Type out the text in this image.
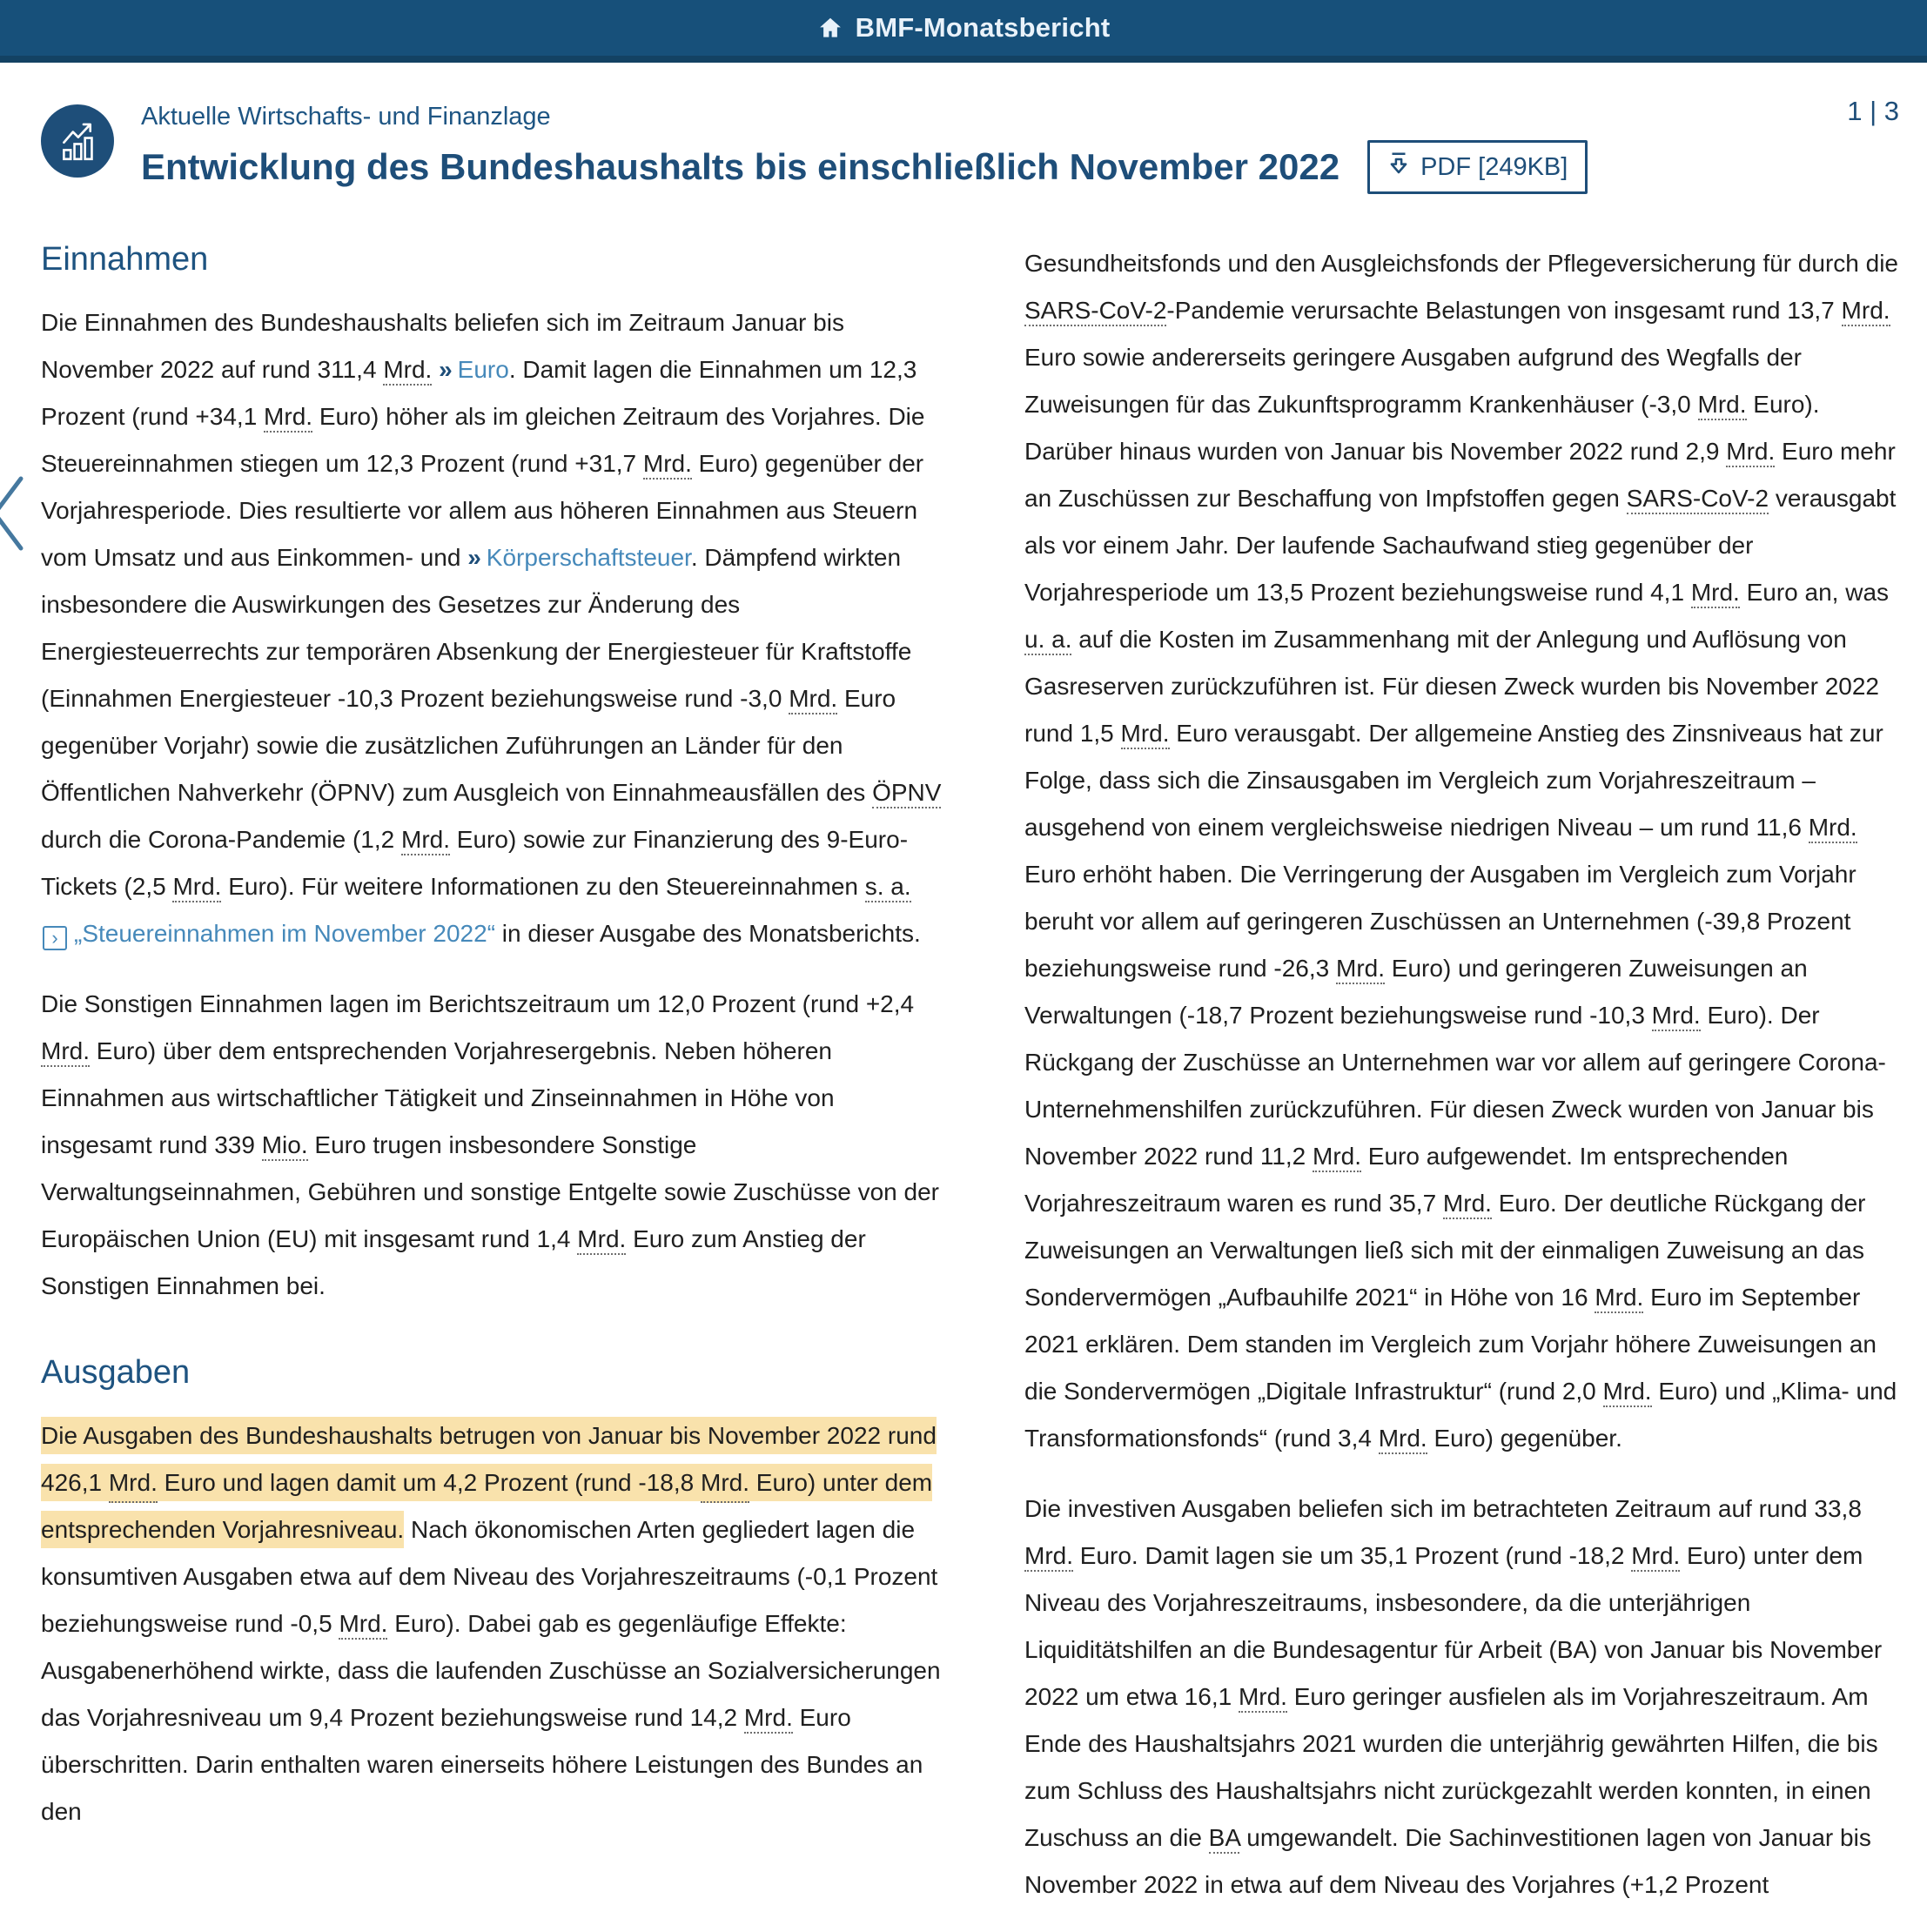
BMF-Monatsbericht
Aktuelle Wirtschafts- und Finanzlage
Entwicklung des Bundeshaushalts bis einschließlich November 2022	PDF [249KB]
1 | 3
Einnahmen

Die Einnahmen des Bundeshaushalts beliefen sich im Zeitraum Januar bis November 2022 auf rund 311,4 Mrd. » Euro. Damit lagen die Einnahmen um 12,3 Prozent (rund +34,1 Mrd. Euro) höher als im gleichen Zeitraum des Vorjahres. Die Steuereinnahmen stiegen um 12,3 Prozent (rund +31,7 Mrd. Euro) gegenüber der Vorjahresperiode. Dies resultierte vor allem aus höheren Einnahmen aus Steuern vom Umsatz und aus Einkommen- und » Körperschaftsteuer. Dämpfend wirkten insbesondere die Auswirkungen des Gesetzes zur Änderung des Energiesteuerrechts zur temporären Absenkung der Energiesteuer für Kraftstoffe (Einnahmen Energiesteuer -10,3 Prozent beziehungsweise rund -3,0 Mrd. Euro gegenüber Vorjahr) sowie die zusätzlichen Zuführungen an Länder für den Öffentlichen Nahverkehr (ÖPNV) zum Ausgleich von Einnahmeausfällen des ÖPNV durch die Corona-Pandemie (1,2 Mrd. Euro) sowie zur Finanzierung des 9-Euro-Tickets (2,5 Mrd. Euro). Für weitere Informationen zu den Steuereinnahmen s. a. › „Steuereinnahmen im November 2022“ in dieser Ausgabe des Monatsberichts.

Die Sonstigen Einnahmen lagen im Berichtszeitraum um 12,0 Prozent (rund +2,4 Mrd. Euro) über dem entsprechenden Vorjahresergebnis. Neben höheren Einnahmen aus wirtschaftlicher Tätigkeit und Zinseinnahmen in Höhe von insgesamt rund 339 Mio. Euro trugen insbesondere Sonstige Verwaltungseinnahmen, Gebühren und sonstige Entgelte sowie Zuschüsse von der Europäischen Union (EU) mit insgesamt rund 1,4 Mrd. Euro zum Anstieg der Sonstigen Einnahmen bei.

Ausgaben

Die Ausgaben des Bundeshaushalts betrugen von Januar bis November 2022 rund 426,1 Mrd. Euro und lagen damit um 4,2 Prozent (rund -18,8 Mrd. Euro) unter dem entsprechenden Vorjahresniveau. Nach ökonomischen Arten gegliedert lagen die konsumtiven Ausgaben etwa auf dem Niveau des Vorjahreszeitraums (-0,1 Prozent beziehungsweise rund -0,5 Mrd. Euro). Dabei gab es gegenläufige Effekte: Ausgabenerhöhend wirkte, dass die laufenden Zuschüsse an Sozialversicherungen das Vorjahresniveau um 9,4 Prozent beziehungsweise rund 14,2 Mrd. Euro überschritten. Darin enthalten waren einerseits höhere Leistungen des Bundes an den

Gesundheitsfonds und den Ausgleichsfonds der Pflegeversicherung für durch die SARS-CoV-2-Pandemie verursachte Belastungen von insgesamt rund 13,7 Mrd. Euro sowie andererseits geringere Ausgaben aufgrund des Wegfalls der Zuweisungen für das Zukunftsprogramm Krankenhäuser (-3,0 Mrd. Euro). Darüber hinaus wurden von Januar bis November 2022 rund 2,9 Mrd. Euro mehr an Zuschüssen zur Beschaffung von Impfstoffen gegen SARS-CoV-2 verausgabt als vor einem Jahr. Der laufende Sachaufwand stieg gegenüber der Vorjahresperiode um 13,5 Prozent beziehungsweise rund 4,1 Mrd. Euro an, was u. a. auf die Kosten im Zusammenhang mit der Anlegung und Auflösung von Gasreserven zurückzuführen ist. Für diesen Zweck wurden bis November 2022 rund 1,5 Mrd. Euro verausgabt. Der allgemeine Anstieg des Zinsniveaus hat zur Folge, dass sich die Zinsausgaben im Vergleich zum Vorjahreszeitraum – ausgehend von einem vergleichsweise niedrigen Niveau – um rund 11,6 Mrd. Euro erhöht haben. Die Verringerung der Ausgaben im Vergleich zum Vorjahr beruht vor allem auf geringeren Zuschüssen an Unternehmen (-39,8 Prozent beziehungsweise rund -26,3 Mrd. Euro) und geringeren Zuweisungen an Verwaltungen (-18,7 Prozent beziehungsweise rund -10,3 Mrd. Euro). Der Rückgang der Zuschüsse an Unternehmen war vor allem auf geringere Corona-Unternehmenshilfen zurückzuführen. Für diesen Zweck wurden von Januar bis November 2022 rund 11,2 Mrd. Euro aufgewendet. Im entsprechenden Vorjahreszeitraum waren es rund 35,7 Mrd. Euro. Der deutliche Rückgang der Zuweisungen an Verwaltungen ließ sich mit der einmaligen Zuweisung an das Sondervermögen „Aufbauhilfe 2021“ in Höhe von 16 Mrd. Euro im September 2021 erklären. Dem standen im Vergleich zum Vorjahr höhere Zuweisungen an die Sondervermögen „Digitale Infrastruktur“ (rund 2,0 Mrd. Euro) und „Klima- und Transformationsfonds“ (rund 3,4 Mrd. Euro) gegenüber.

Die investiven Ausgaben beliefen sich im betrachteten Zeitraum auf rund 33,8 Mrd. Euro. Damit lagen sie um 35,1 Prozent (rund -18,2 Mrd. Euro) unter dem Niveau des Vorjahreszeitraums, insbesondere, da die unterjährigen Liquiditätshilfen an die Bundesagentur für Arbeit (BA) von Januar bis November 2022 um etwa 16,1 Mrd. Euro geringer ausfielen als im Vorjahreszeitraum. Am Ende des Haushaltsjahrs 2021 wurden die unterjährig gewährten Hilfen, die bis zum Schluss des Haushaltsjahrs nicht zurückgezahlt werden konnten, in einen Zuschuss an die BA umgewandelt. Die Sachinvestitionen lagen von Januar bis November 2022 in etwa auf dem Niveau des Vorjahres (+1,2 Prozent
